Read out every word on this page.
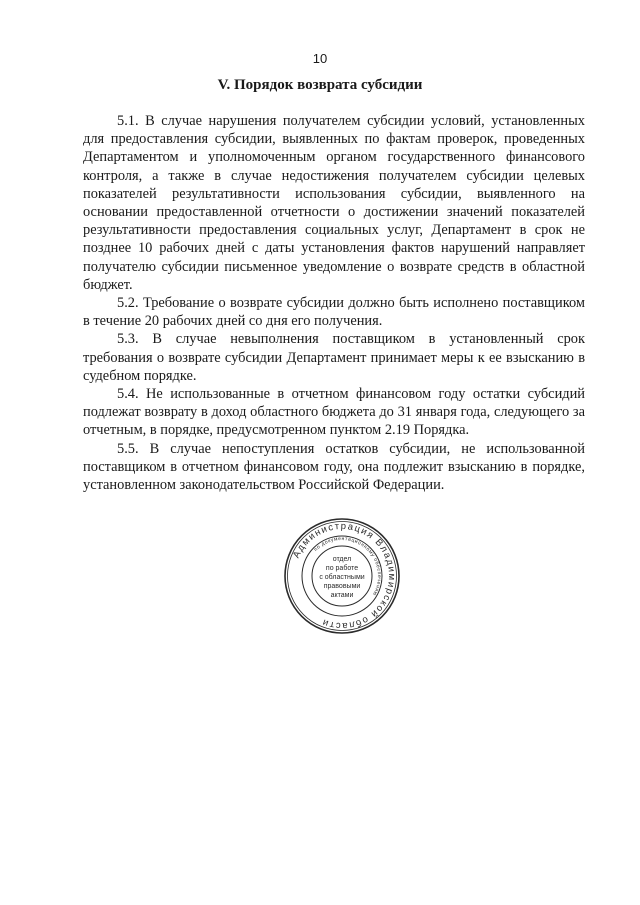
10
V. Порядок возврата субсидии

5.1. В случае нарушения получателем субсидии условий, установленных для предоставления субсидии, выявленных по фактам проверок, проведенных Департаментом и уполномоченным органом государственного финансового контроля, а также в случае недостижения получателем субсидии целевых показателей результативности использования субсидии, выявленного на основании предоставленной отчетности о достижении значений показателей результативности предоставления социальных услуг, Департамент в срок не позднее 10 рабочих дней с даты установления фактов нарушений направляет получателю субсидии письменное уведомление о возврате средств в областной бюджет.

5.2. Требование о возврате субсидии должно быть исполнено поставщиком в течение 20 рабочих дней со дня его получения.

5.3. В случае невыполнения поставщиком в установленный срок требования о возврате субсидии Департамент принимает меры к ее взысканию в судебном порядке.

5.4. Не использованные в отчетном финансовом году остатки субсидий подлежат возврату в доход областного бюджета до 31 января года, следующего за отчетным, в порядке, предусмотренном пунктом 2.19 Порядка.

5.5. В случае непоступления остатков субсидии, не использованной поставщиком в отчетном финансовом году, она подлежит взысканию в порядке, установленном законодательством Российской Федерации.

Администрация Владимирской области
по документационному обеспечению
отдел
по работе
с областными
правовыми
актами
